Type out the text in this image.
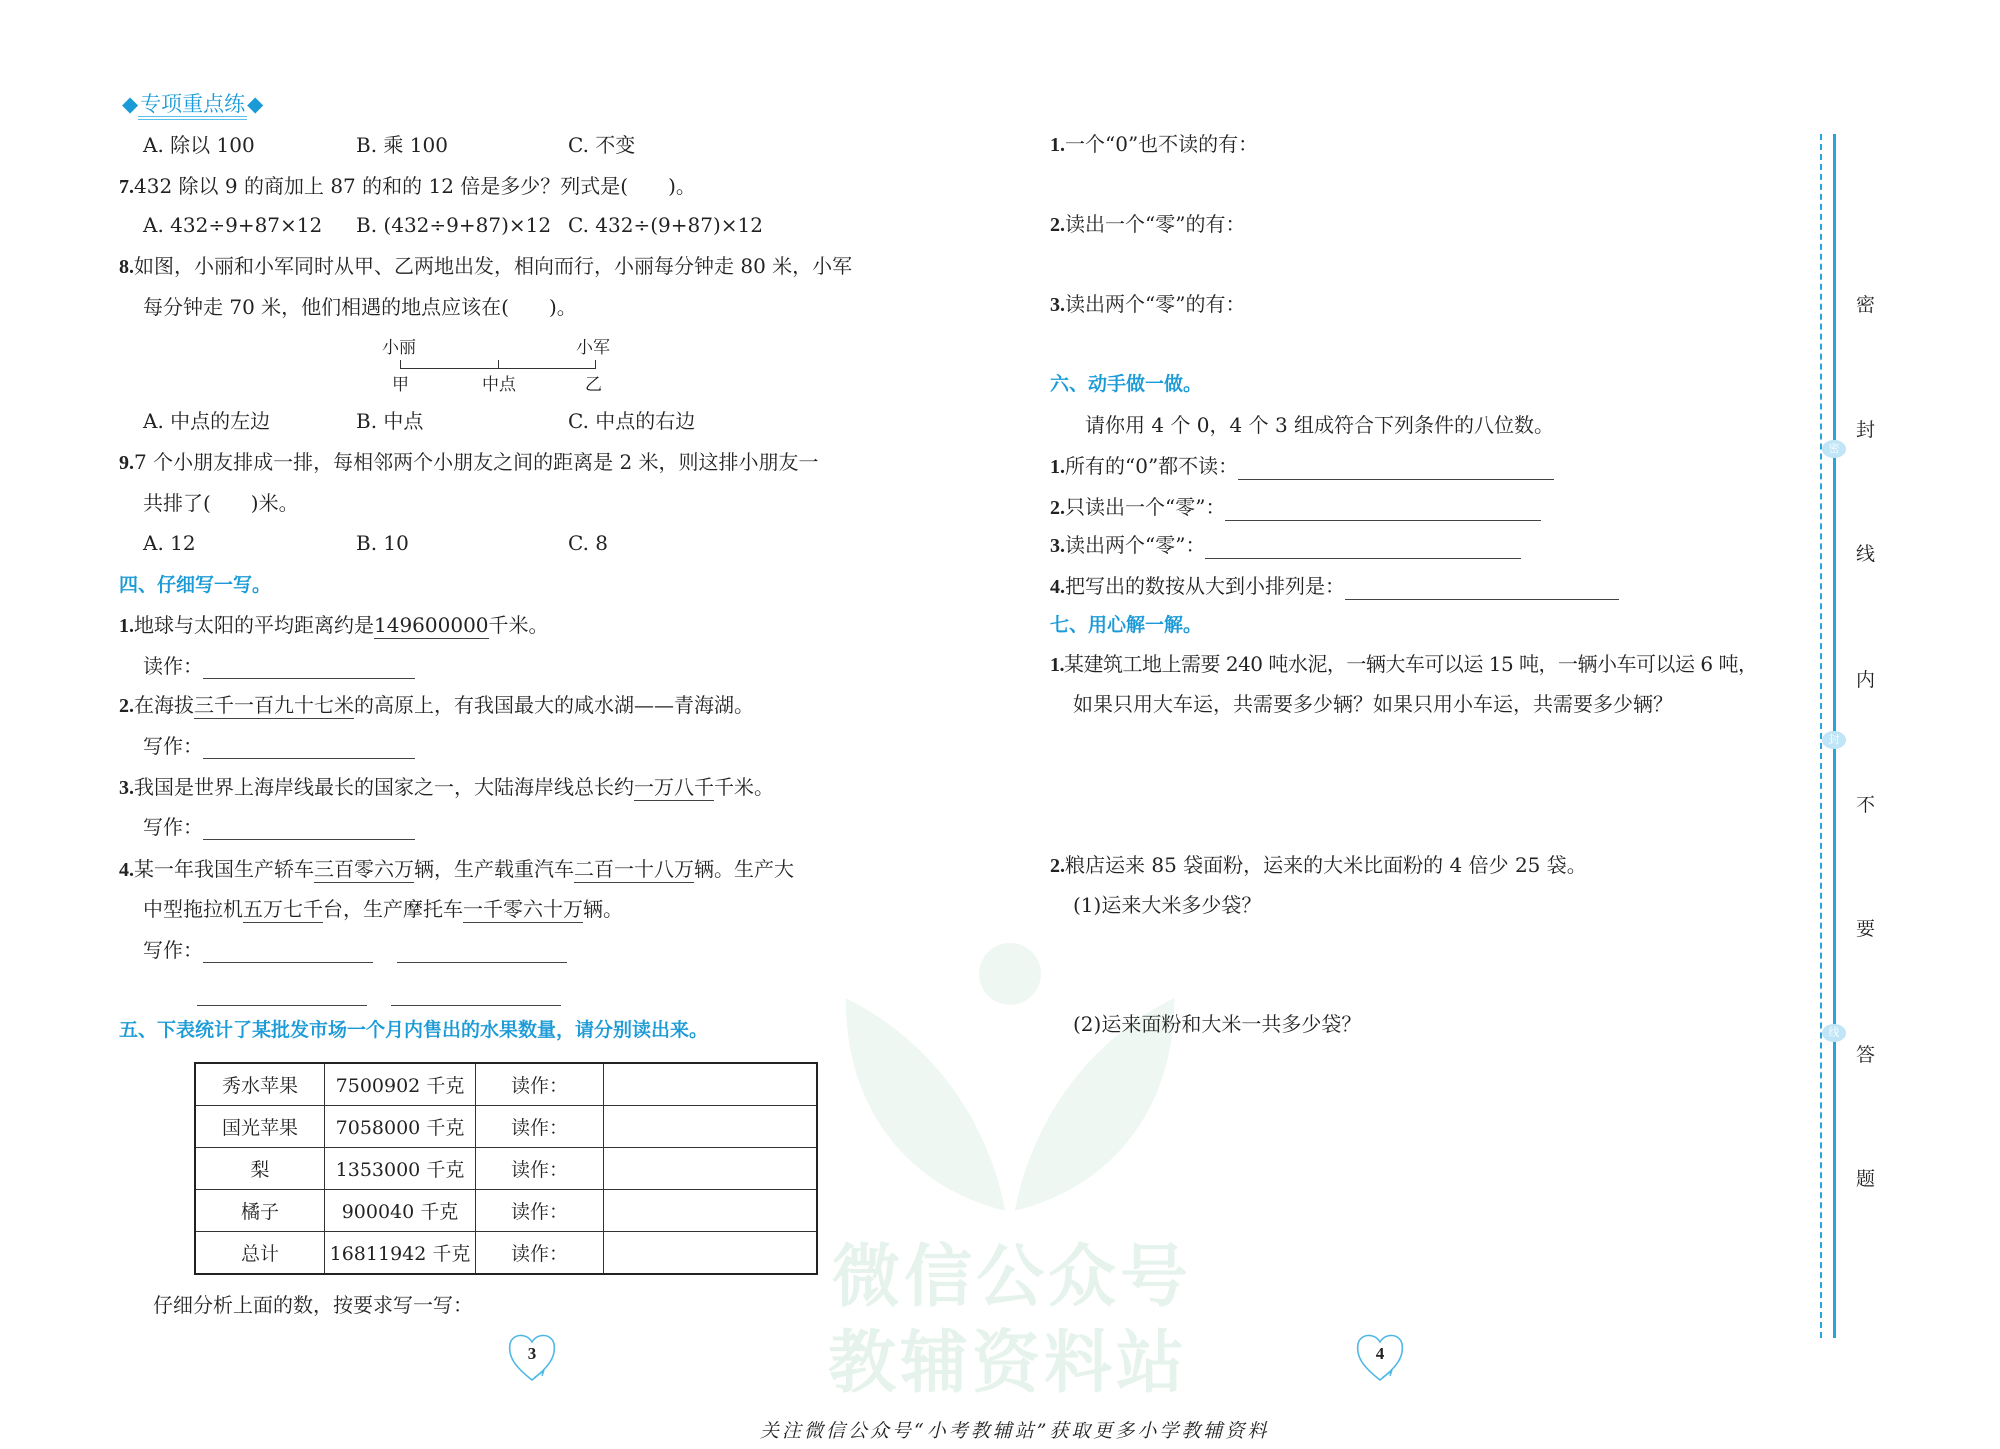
微信公众号
教辅资料站
◆专项重点练◆
A. 除以 100	B. 乘 100	C. 不变
7.432 除以 9 的商加上 87 的和的 12 倍是多少？列式是(　　)。
A. 432÷9+87×12 B. (432÷9+87)×12 C. 432÷(9+87)×12
8.如图，小丽和小军同时从甲、乙两地出发，相向而行，小丽每分钟走 80 米，小军
每分钟走 70 米，他们相遇的地点应该在(　　)。
小丽	小军
甲	中点	乙
A. 中点的左边	B. 中点	C. 中点的右边
9.7 个小朋友排成一排，每相邻两个小朋友之间的距离是 2 米，则这排小朋友一
共排了(　　)米。
A. 12	B. 10	C. 8
四、仔细写一写。
1.地球与太阳的平均距离约是149600000千米。
读作：
2.在海拔三千一百九十七米的高原上，有我国最大的咸水湖——青海湖。
写作：
3.我国是世界上海岸线最长的国家之一，大陆海岸线总长约一万八千千米。
写作：
4.某一年我国生产轿车三百零六万辆，生产载重汽车二百一十八万辆。生产大
中型拖拉机五万七千台，生产摩托车一千零六十万辆。
写作：
五、下表统计了某批发市场一个月内售出的水果数量，请分别读出来。
秀水苹果	7500902 千克	读作：	
国光苹果	7058000 千克	读作：	
梨	1353000 千克	读作：	
橘子	900040 千克	读作：	
总计	16811942 千克	读作：	
仔细分析上面的数，按要求写一写：
3
1.一个“0”也不读的有：
2.读出一个“零”的有：
3.读出两个“零”的有：
六、动手做一做。
请你用 4 个 0，4 个 3 组成符合下列条件的八位数。
1.所有的“0”都不读：
2.只读出一个“零”：
3.读出两个“零”：
4.把写出的数按从大到小排列是：
七、用心解一解。
1.某建筑工地上需要 240 吨水泥，一辆大车可以运 15 吨，一辆小车可以运 6 吨，
如果只用大车运，共需要多少辆？如果只用小车运，共需要多少辆？
2.粮店运来 85 袋面粉，运来的大米比面粉的 4 倍少 25 袋。
(1)运来大米多少袋？
(2)运来面粉和大米一共多少袋？
4
密
封
线
密
封
线
内
不
要
答
题
关注微信公众号“小考教辅站”获取更多小学教辅资料
